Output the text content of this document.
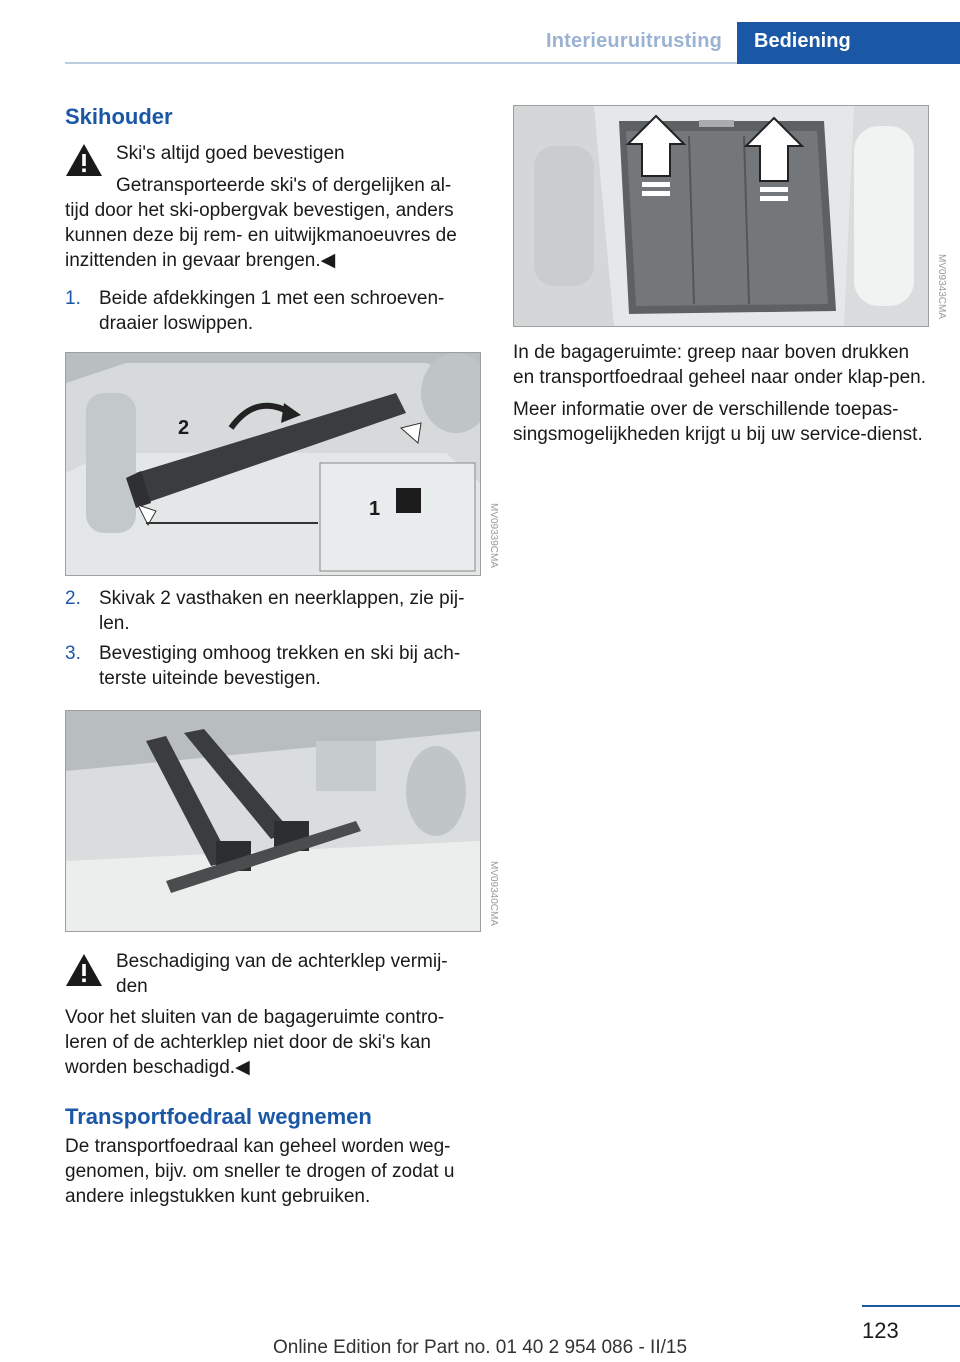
Interieuruitrusting	Bediening
Skihouder
Ski's altijd goed bevestigen
Getransporteerde ski's of dergelijken al-
tijd door het ski-opbergvak bevestigen, anders kunnen deze bij rem- en uitwijkmanoeuvres de inzittenden in gevaar brengen.◀
1. Beide afdekkingen 1 met een schroeven-draaier loswippen.
2
1	MV09339CMA
2. Skivak 2 vasthaken en neerklappen, zie pij-len.
3. Bevestiging omhoog trekken en ski bij ach-terste uiteinde bevestigen.
MV09340CMA
Beschadiging van de achterklep vermij-den
Voor het sluiten van de bagageruimte contro-leren of de achterklep niet door de ski's kan worden beschadigd.◀
Transportfoedraal wegnemen
De transportfoedraal kan geheel worden weg-genomen, bijv. om sneller te drogen of zodat u andere inlegstukken kunt gebruiken.
MV09343CMA
In de bagageruimte: greep naar boven drukken en transportfoedraal geheel naar onder klap-pen.
Meer informatie over de verschillende toepas-singsmogelijkheden krijgt u bij uw service-dienst.
123
Online Edition for Part no. 01 40 2 954 086 - II/15
